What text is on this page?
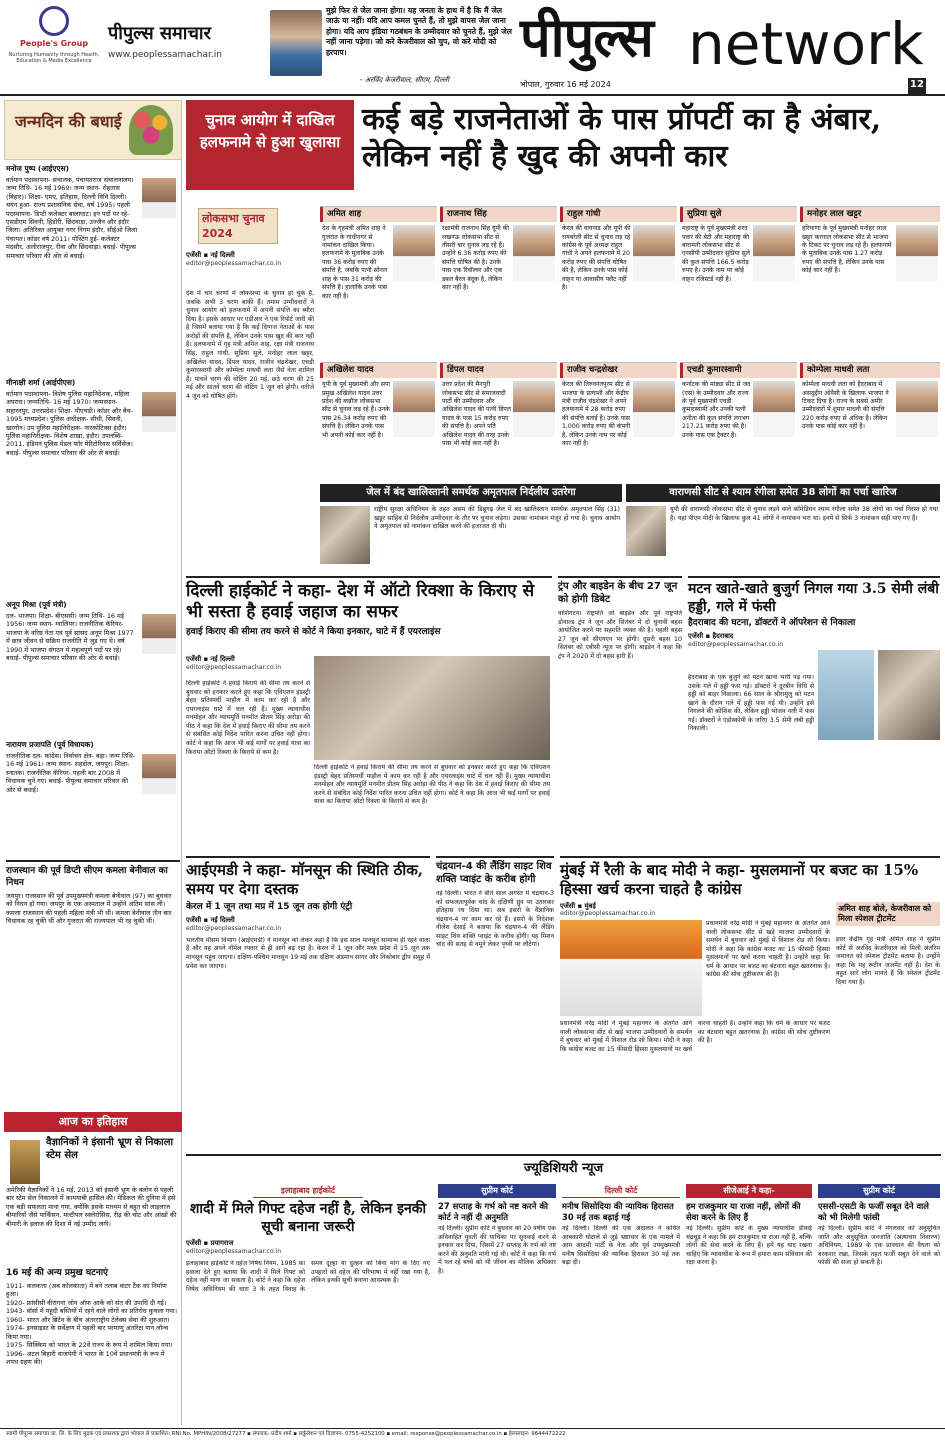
People's Group
Nurturing Humanity through Health, Education & Media Excellence
पीपुल्स समाचार
www.peoplessamachar.in
मुझे फिर से जेल जाना होगा। यह जनता के हाथ में है कि मैं जेल जाऊं या नहीं। यदि आप कमल चुनते हैं, तो मुझे वापस जेल जाना होगा। यदि आप इंडिया गठबंधन के उम्मीदवार को चुनते हैं, मुझे जेल नहीं जाना पड़ेगा। जो करे केजरीवाल को चुप, वो करे मोदी को हरपाप।
- अरविंद केजरीवाल, सीएम, दिल्ली
पीपुल्स network
भोपाल, गुरुवार 16 मई 2024	12
जन्मदिन की बधाई
मनोज पुष्प (आईएएस)

वर्तमान पदस्थापना- संचालक, पंचायतराज संचालनालय। जन्म तिथि- 16 मई 1969। जन्म स्थान- रोहतास (बिहार)। शिक्षा- एमए, इतिहास, दिल्ली विवि दिल्ली। चयन हुआ- राज्य प्रशासनिक सेवा, वर्ष 1995। पहली पदस्थापना- डिप्टी कलेक्टर बालाघाट। इन पदों पर रहे- एसडीएम सिवनी, हिंडोरी, छिंदवाड़ा, उज्जैन और इंदौर जिला। अतिरिक्त आयुक्त नगर निगम इंदौर, सीईओ जिला पंचायत। कॉडर वर्ष 2011। पोस्टिंग हुई- कलेक्टर मंदसौर, अलीराजपुर, रीवा और छिंदवाड़ा। बधाई- पीपुल्स समाचार परिवार की ओर से बधाई।

मीनाक्षी शर्मा (आईपीएस)

वर्तमान पदस्थापना- विशेष पुलिस महानिदेशक, महिला अपराध। जन्मतिथि- 16 मई 1970। जन्मस्थान- सहारनपुर, उत्तरप्रदेश। शिक्षा- पीएचडी। कॉडर और बैच- 1995 मध्यप्रदेश। पुलिस अधीक्षक- सीधी, सिवनी, खरगोन। उप पुलिस महानिरीक्षक- नारकोटिक्स इंदौर। पुलिस महानिरीक्षक- विशेष शाखा, इंदौर। उपलब्धि- 2011, इंडियन पुलिस मेडल फॉर मेरिटोरियस सर्विसेज। बधाई- पीपुल्स समाचार परिवार की ओर से बधाई।

अनूप मिश्रा (पूर्व मंत्री)

दल- भाजपा। शिक्षा- बीएससी। जन्म तिथि- 16 मई 1956। जन्म स्थान- ग्वालियर। राजनीतिक कॅरियर- भाजपा के वरिष्ठ नेता एवं पूर्व सांसद अनूप मिश्रा 1977 में छात्र जीवन से सक्रिय राजनीति में जुड़ गए थे। वर्ष 1990 में भाजपा संगठन में महत्वपूर्ण पदों पर रहे। बधाई- पीपुल्स समाचार परिवार की ओर से बधाई।

नारायण प्रजापति (पूर्व विधायक)

राजनीतिक दल- कांग्रेस। निर्वाचन क्षेत्र- बड़ा। जन्म तिथि- 16 मई 1961। जन्म स्थान- शहडोल, जयपुर। शिक्षा- स्नातक। राजनीतिक कॅरियर- पहली बार 2008 में विधायक चुने गए। बधाई- पीपुल्स समाचार परिवार की ओर से बधाई।

राजस्थान की पूर्व डिप्टी सीएम कमला बेनीवाल का निधन

जयपुर। राजस्थान की पूर्व उपमुख्यमंत्री कमला बेनीवाल (97) का बुधवार को निधन हो गया। जयपुर के एक अस्पताल में उन्होंने अंतिम सांस ली। कमला राजस्थान की पहली महिला मंत्री भी थीं। कमला बेनीवाल तीन बार विधायक रह चुकी थीं और गुजरात की राज्यपाल भी रह चुकी थीं।

आज का इतिहास
वैज्ञानिकों ने इंसानी भ्रूण से निकाला स्टेम सेल

अमेरिकी वैज्ञानिकों ने 16 मई, 2013 को इंसानी भ्रूण के क्लोन से पहली बार स्टेम सेल निकालने में कामयाबी हासिल की। मेडिकल की दुनिया में इसे एक बड़ी सफलता माना गया, क्योंकि इसके माध्यम से बहुत सी लाइलाज बीमारियों जैसे पार्किंसन, मल्टीपल स्क्लेरोसिस, रीढ़ की चोट और आंखों की बीमारी के इलाज की दिशा में नई उम्मीद जगी।

16 मई की अन्य प्रमुख घटनाएं

1911- कलकत्ता (अब कोलकाता) में बने तलाब वाटर टैंक का निर्माण हुआ।

1920- फ्रांसीसी वीरांगना जोन ऑफ आर्क को संत की उपाधि दी गई।

1943- वॉर्सा में यहूदी बस्तियों में रहने वाले लोगों का प्रतिरोध कुचला गया।

1960- भारत और ब्रिटेन के बीच अंतरराष्ट्रीय टेलेक्स सेवा की शुरुआत।

1974- इनसाइडर के सर्वेक्षण में पहली बार परमाणु अंतरिक्ष यान लॉन्च किया गया।

1975- सिक्किम को भारत के 22वें राज्य के रूप में शामिल किया गया।

1996- अटल बिहारी वाजपेयी ने भारत के 10वें प्रधानमंत्री के रूप में शपथ ग्रहण की।

चुनाव आयोग में दाखिल हलफनामे से हुआ खुलासा
कई बड़े राजनेताओं के पास प्रॉपर्टी का है अंबार, लेकिन नहीं है खुद की अपनी कार
लोकसभा चुनाव 2024
एजेंसी ▪ नई दिल्ली
editor@peoplessamachar.co.in
देश में चार चरणों में लोकसभा के चुनाव हो चुके हैं, जबकि अभी 3 चरण बाकी हैं। तमाम उम्मीदवारों ने चुनाव आयोग को हलफनामे में अपनी संपत्ति का ब्यौरा दिया है। इसके आधार पर एडीआर ने एक रिपोर्ट जारी की है जिसमें बताया गया है कि कई दिग्गज नेताओं के पास करोड़ों की संपत्ति है, लेकिन उनके पास खुद की कार नहीं है। हलफनामे में गृह मंत्री अमित शाह, रक्षा मंत्री राजनाथ सिंह, राहुल गांधी, सुप्रिया सुले, मनोहर लाल खट्टर, अखिलेश यादव, डिंपल यादव, राजीव चंद्रशेखर, एचडी कुमारस्वामी और कोम्पेला माधवी लता जैसे नेता शामिल हैं। पांचवें चरण की वोटिंग 20 मई, छठे चरण की 25 मई और सातवें चरण की वोटिंग 1 जून को होगी। नतीजे 4 जून को घोषित होंगे।
अमित शाह
देश के गृहमंत्री अमित शाह ने गुजरात के गांधीनगर से नामांकन दाखिल किया। हलफनामे के मुताबिक उनके पास 36 करोड़ रुपए की संपत्ति है, जबकि पत्नी सोनल शाह के पास 31 करोड़ की संपत्ति है। हालांकि उनके पास कार नहीं है।
राजनाथ सिंह
रक्षामंत्री राजनाथ सिंह यूपी की लखनऊ लोकसभा सीट से तीसरी बार चुनाव लड़ रहे हैं। उन्होंने 6.36 करोड़ रुपए की संपत्ति घोषित की है। उनके पास एक रिवॉल्वर और एक डबल बैरल बंदूक है, लेकिन कार नहीं है।
राहुल गांधी
केरल की वायनाड और यूपी की रायबरेली सीट से चुनाव लड़ रहे कांग्रेस के पूर्व अध्यक्ष राहुल गांधी ने अपने हलफनामे में 20 करोड़ रुपए की संपत्ति घोषित की है, लेकिन उनके पास कोई वाहन या आवासीय फ्लैट नहीं है।
सुप्रिया सुले
महाराष्ट्र के पूर्व मुख्यमंत्री शरद पवार की बेटी और महाराष्ट्र की बारामती लोकसभा सीट से एनसीपी उम्मीदवार सुप्रिया सुले की कुल संपत्ति 166.5 करोड़ रुपए है। उनके नाम पर कोई वाहन रजिस्टर्ड नहीं है।
मनोहर लाल खट्टर
हरियाणा के पूर्व मुख्यमंत्री मनोहर लाल खट्टर करनाल लोकसभा सीट से भाजपा के टिकट पर चुनाव लड़ रहे हैं। हलफनामे के मुताबिक उनके पास 1.27 करोड़ रुपए की संपत्ति है, लेकिन उनके पास कोई कार नहीं है।
अखिलेश यादव
यूपी के पूर्व मुख्यमंत्री और सपा प्रमुख अखिलेश यादव उत्तर प्रदेश की कन्नौज लोकसभा सीट से चुनाव लड़ रहे हैं। उनके पास 26.34 करोड़ रुपए की संपत्ति है। लेकिन उनके पास भी अपनी कोई कार नहीं है।
डिंपल यादव
उत्तर प्रदेश की मैनपुरी लोकसभा सीट से समाजवादी पार्टी की उम्मीदवार और अखिलेश यादव की पत्नी डिंपल यादव के पास 15 करोड़ रुपए की संपत्ति है। अपने पति अखिलेश यादव की तरह उनके पास भी कोई कार नहीं है।
राजीव चन्द्रशेखर
केरल की तिरुवनंतपुरम सीट से भाजपा के प्रत्याशी और केंद्रीय मंत्री राजीव चंद्रशेखर ने अपने हलफनामे में 28 करोड़ रुपए की संपत्ति बताई है। उनके पास 1,000 करोड़ रुपए की कंपनी है, लेकिन उनके नाम पर कोई कार नहीं है।
एचडी कुमारस्वामी
कर्नाटक की मांड्या सीट से जद (एस) के उम्मीदवार और राज्य के पूर्व मुख्यमंत्री एचडी कुमारस्वामी और उनकी पत्नी अनीता की कुल संपत्ति लगभग 217.21 करोड़ रुपए की है। उनके पास एक ट्रैक्टर है।
कोम्पेला माधवी लता
कोम्पेला माधवी लता को हैदराबाद में असदुद्दीन ओवैसी के खिलाफ भाजपा ने टिकट दिया है। राज्य के सबसे अमीर उम्मीदवारों में शुमार माधवी की संपत्ति 220 करोड़ रुपए से अधिक है। लेकिन उनके पास कोई कार नहीं है।
जेल में बंद खालिस्तानी समर्थक अमृतपाल निर्दलीय उतरेगा
राष्ट्रीय सुरक्षा अधिनियम के तहत असम की डिब्रूगढ़ जेल में बंद खालिस्तान समर्थक अमृतपाल सिंह (31) खडूर साहिब से निर्दलीय उम्मीदवार के तौर पर चुनाव लड़ेगा। उसका नामांकन मंजूर हो गया है। चुनाव आयोग ने अमृतपाल को नामांकन दाखिल करने की इजाजत दी थी।
वाराणसी सीट से श्याम रंगीला समेत 38 लोगों का पर्चा खारिज
यूपी की वाराणसी लोकसभा सीट से चुनाव लड़ने वाले कॉमेडियन श्याम रंगीला समेत 38 लोगों का पर्चा निरस्त हो गया है। यहां पीएम मोदी के खिलाफ कुल 41 लोगों ने नामांकन भरा था। इनमें से सिर्फ 3 नामांकन सही पाए गए हैं।
दिल्ली हाईकोर्ट ने कहा- देश में ऑटो रिक्शा के किराए से भी सस्ता है हवाई जहाज का सफर
हवाई किराए की सीमा तय करने से कोर्ट ने किया इनकार, घाटे में हैं एयरलाइंस
एजेंसी ▪ नई दिल्ली
editor@peoplessamachar.co.in
दिल्ली हाईकोर्ट ने हवाई किराये की सीमा तय करने से बुधवार को इनकार करते हुए कहा कि एविएशन इंडस्ट्री बेहद प्रतिस्पर्धी माहौल में काम कर रही है और एयरलाइंस घाटे में चल रही हैं। मुख्य न्यायाधीश मनमोहन और न्यायमूर्ति मनमीत प्रीतम सिंह अरोड़ा की पीठ ने कहा कि देश में हवाई किराए की सीमा तय करने से संबंधित कोई निर्देश पारित करना उचित नहीं होगा। कोर्ट ने कहा कि आज भी कई मार्गों पर हवाई यात्रा का किराया ऑटो रिक्शा के किराये से कम है।
दिल्ली हाईकोर्ट ने हवाई किराये की सीमा तय करने से बुधवार को इनकार करते हुए कहा कि एविएशन इंडस्ट्री बेहद प्रतिस्पर्धी माहौल में काम कर रही है और एयरलाइंस घाटे में चल रही हैं। मुख्य न्यायाधीश मनमोहन और न्यायमूर्ति मनमीत प्रीतम सिंह अरोड़ा की पीठ ने कहा कि देश में हवाई किराए की सीमा तय करने से संबंधित कोई निर्देश पारित करना उचित नहीं होगा। कोर्ट ने कहा कि आज भी कई मार्गों पर हवाई यात्रा का किराया ऑटो रिक्शा के किराये से कम है।
ट्रंप और बाइडेन के बीच 27 जून को होगी डिबेट
वाशिंगटन। राष्ट्रपति जो बाइडेन और पूर्व राष्ट्रपति डोनाल्ड ट्रंप ने जून और सितंबर में दो चुनावी बहस आयोजित करने पर सहमति व्यक्त की है। पहली बहस 27 जून को सीएनएन पर होगी। दूसरी बहस 10 सितंबर को एबीसी न्यूज पर होगी। बाइडेन ने कहा कि ट्रंप ने 2020 में दो बहस हारी हैं।
मटन खाते-खाते बुजुर्ग निगल गया 3.5 सेमी लंबी हड्डी, गले में फंसी
हैदराबाद की घटना, डॉक्टरों ने ऑपरेशन से निकाला
एजेंसी ▪ हैदराबाद
editor@peoplessamachar.co.in
हैदराबाद के एक बुजुर्ग को मटन खाना भारी पड़ गया। उसके गले में हड्डी फंस गई। डॉक्टरों ने दूरबीन विधि से हड्डी को बाहर निकाला। 66 साल के श्रीरामुलु को मटन खाने के दौरान गले में हड्डी फंस गई थी। उन्होंने इसे निगलने की कोशिश की, लेकिन हड्डी भोजन नली में फंस गई। डॉक्टरों ने एंडोस्कोपी के जरिए 3.5 सेमी लंबी हड्डी निकाली।
आईएमडी ने कहा- मॉनसून की स्थिति ठीक, समय पर देगा दस्तक
केरल में 1 जून तथा मप्र में 15 जून तक होगी एंट्री
एजेंसी ▪ नई दिल्ली
editor@peoplessamachar.co.in
भारतीय मौसम विभाग (आईएमडी) ने मानसून को लेकर कहा है कि इस साल मानसून सामान्य ही रहने वाला है और यह अपने नॉर्मल रफ्तार से ही आगे बढ़ रहा है। केरल में 1 जून और मध्य प्रदेश में 15 जून तक मानसून पहुंच जाएगा। दक्षिण-पश्चिम मानसून 19 मई तक दक्षिण अंडमान सागर और निकोबार द्वीप समूह में प्रवेश कर जाएगा।
चंद्रयान-4 की लैंडिंग साइट शिव शक्ति प्वाइंट के करीब होगी
नई दिल्ली। भारत ने बीते साल अगस्त में चंद्रयान-3 को सफलतापूर्वक चांद के दक्षिणी ध्रुव पर उतारकर इतिहास रच दिया था। अब इसरो के वैज्ञानिक चंद्रयान-4 पर काम कर रहे हैं। इसरो के निदेशक नीलेश देसाई ने बताया कि चंद्रयान-4 की लैंडिंग साइट शिव शक्ति प्वाइंट के करीब होगी। यह मिशन चांद की सतह से नमूने लेकर पृथ्वी पर लौटेगा।
मुंबई में रैली के बाद मोदी ने कहा- मुसलमानों पर बजट का 15% हिस्सा खर्च करना चाहते है कांग्रेस
एजेंसी ▪ मुंबई
editor@peoplessamachar.co.in
प्रधानमंत्री नरेंद्र मोदी ने मुंबई महानगर के अंतर्गत आने वाली लोकसभा सीट से खड़े भाजपा उम्मीदवारों के समर्थन में बुधवार को मुंबई में विशाल रोड शो किया। मोदी ने कहा कि कांग्रेस बजट का 15 फीसदी हिस्सा मुसलमानों पर खर्च करना चाहती है। उन्होंने कहा कि धर्म के आधार पर बजट का बंटवारा बहुत खतरनाक है। कांग्रेस की सोच तुष्टीकरण की है।
प्रधानमंत्री नरेंद्र मोदी ने मुंबई महानगर के अंतर्गत आने वाली लोकसभा सीट से खड़े भाजपा उम्मीदवारों के समर्थन में बुधवार को मुंबई में विशाल रोड शो किया। मोदी ने कहा कि कांग्रेस बजट का 15 फीसदी हिस्सा मुसलमानों पर खर्च करना चाहती है। उन्होंने कहा कि धर्म के आधार पर बजट का बंटवारा बहुत खतरनाक है। कांग्रेस की सोच तुष्टीकरण की है।
अमित शाह बोले, केजरीवाल को मिला स्पेशल ट्रीटमेंट
इधर केंद्रीय गृह मंत्री अमित शाह ने सुप्रीम कोर्ट से अरविंद केजरीवाल को मिली अंतरिम जमानत को स्पेशल ट्रीटमेंट बताया है। उन्होंने कहा कि यह रूटीन जजमेंट नहीं है। देश के बहुत सारे लोग मानते हैं कि स्पेशल ट्रीटमेंट दिया गया है।
ज्यूडिशियरी न्यूज
इलाहाबाद हाईकोर्ट
शादी में मिले गिफ्ट दहेज नहीं है, लेकिन इनकी सूची बनाना जरूरी
एजेंसी ▪ प्रयागराज
editor@peoplessamachar.co.in
इलाहाबाद हाईकोर्ट ने दहेज निषेध नियम, 1985 का हवाला देते हुए बताया कि शादी में मिले गिफ्ट को दहेज नहीं माना जा सकता है। कोर्ट ने कहा कि दहेज निषेध अधिनियम की धारा 3 के तहत विवाह के समय दूल्हा या दुल्हन को बिना मांग के दिए गए उपहारों को दहेज की परिभाषा में नहीं रखा गया है, लेकिन इनकी सूची बनाना आवश्यक है।
सुप्रीम कोर्ट
27 सप्ताह के गर्भ को नष्ट करने की कोर्ट ने नहीं दी अनुमति
नई दिल्ली। सुप्रीम कोर्ट ने बुधवार को 20 वर्षीय एक अविवाहित युवती की याचिका पर सुनवाई करने से इनकार कर दिया, जिसमें 27 सप्ताह के गर्भ को नष्ट करने की अनुमति मांगी गई थी। कोर्ट ने कहा कि गर्भ में पल रहे बच्चे को भी जीवन का मौलिक अधिकार है।
दिल्ली कोर्ट
मनीष सिसोदिया की न्यायिक हिरासत 30 मई तक बढ़ाई गई
नई दिल्ली। दिल्ली की एक अदालत ने कथित आबकारी घोटाले से जुड़े भ्रष्टाचार के एक मामले में आम आदमी पार्टी के नेता और पूर्व उपमुख्यमंत्री मनीष सिसोदिया की न्यायिक हिरासत 30 मई तक बढ़ा दी।
सीजेआई ने कहा-
हम राजकुमार या राजा नहीं, लोगों की सेवा करने के लिए हैं
नई दिल्ली। सुप्रीम कोर्ट के मुख्य न्यायाधीश डीवाई चंद्रचूड़ ने कहा कि हम राजकुमार या राजा नहीं हैं, बल्कि लोगों की सेवा करने के लिए हैं। हमें यह याद रखना चाहिए कि न्यायाधीश के रूप में हमारा काम संविधान की रक्षा करना है।
सुप्रीम कोर्ट
एससी-एसटी के फर्जी सबूत देने वाले को भी मिलेगी फांसी
नई दिल्ली। सुप्रीम कोर्ट ने मंगलवार को अनुसूचित जाति और अनुसूचित जनजाति (अत्याचार निवारण) अधिनियम, 1989 के एक प्रावधान की वैधता को बरकरार रखा, जिसके तहत फर्जी सबूत देने वाले को फांसी की सजा हो सकती है।
स्वामी पीपुल्स समाचार प्रा. लि. के लिए मुद्रक एवं प्रकाशक द्वारा भोपाल से प्रकाशित। RNI No. MPHIN/2008/27277 ▪ संपादक: प्रदीप शर्मा ▪ सर्कुलेशन एवं विज्ञापन- 0755-4252100 ▪ email: response@peoplessamachar.co.in ▪ हेल्पलाइन: 9644472222
